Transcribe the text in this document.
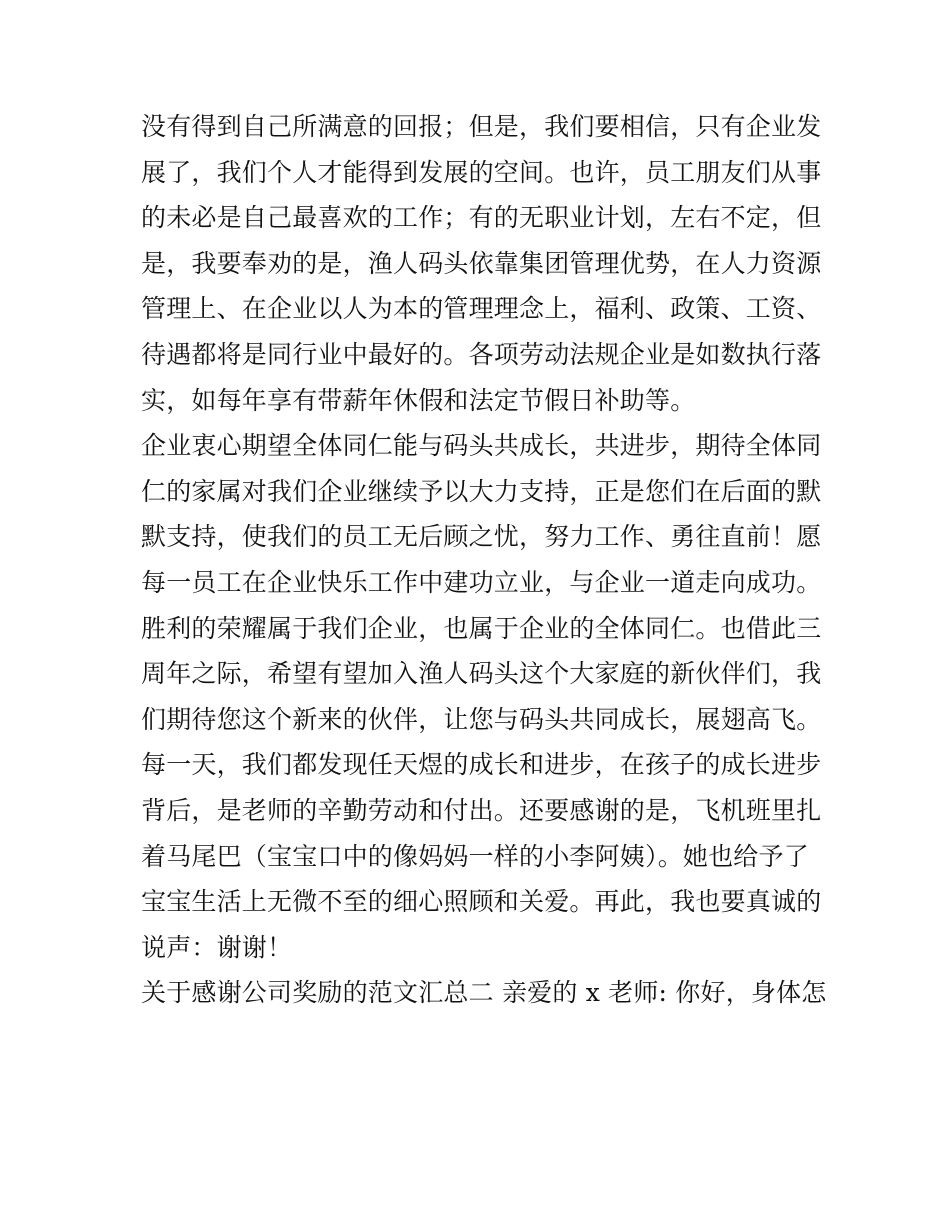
没有得到自己所满意的回报；但是，我们要相信，只有企业发
展了，我们个人才能得到发展的空间。也许，员工朋友们从事
的未必是自己最喜欢的工作；有的无职业计划，左右不定，但
是，我要奉劝的是，渔人码头依靠集团管理优势，在人力资源
管理上、在企业以人为本的管理理念上，福利、政策、工资、
待遇都将是同行业中最好的。各项劳动法规企业是如数执行落
实，如每年享有带薪年休假和法定节假日补助等。
企业衷心期望全体同仁能与码头共成长，共进步，期待全体同
仁的家属对我们企业继续予以大力支持，正是您们在后面的默
默支持，使我们的员工无后顾之忧，努力工作、勇往直前！愿
每一员工在企业快乐工作中建功立业，与企业一道走向成功。
胜利的荣耀属于我们企业，也属于企业的全体同仁。也借此三
周年之际，希望有望加入渔人码头这个大家庭的新伙伴们，我
们期待您这个新来的伙伴，让您与码头共同成长，展翅高飞。
每一天，我们都发现任天煜的成长和进步，在孩子的成长进步
背后，是老师的辛勤劳动和付出。还要感谢的是，飞机班里扎
着马尾巴（宝宝口中的像妈妈一样的小李阿姨）。她也给予了
宝宝生活上无微不至的细心照顾和关爱。再此，我也要真诚的
说声：谢谢！
关于感谢公司奖励的范文汇总二 亲爱的 x 老师: 你好，身体怎
